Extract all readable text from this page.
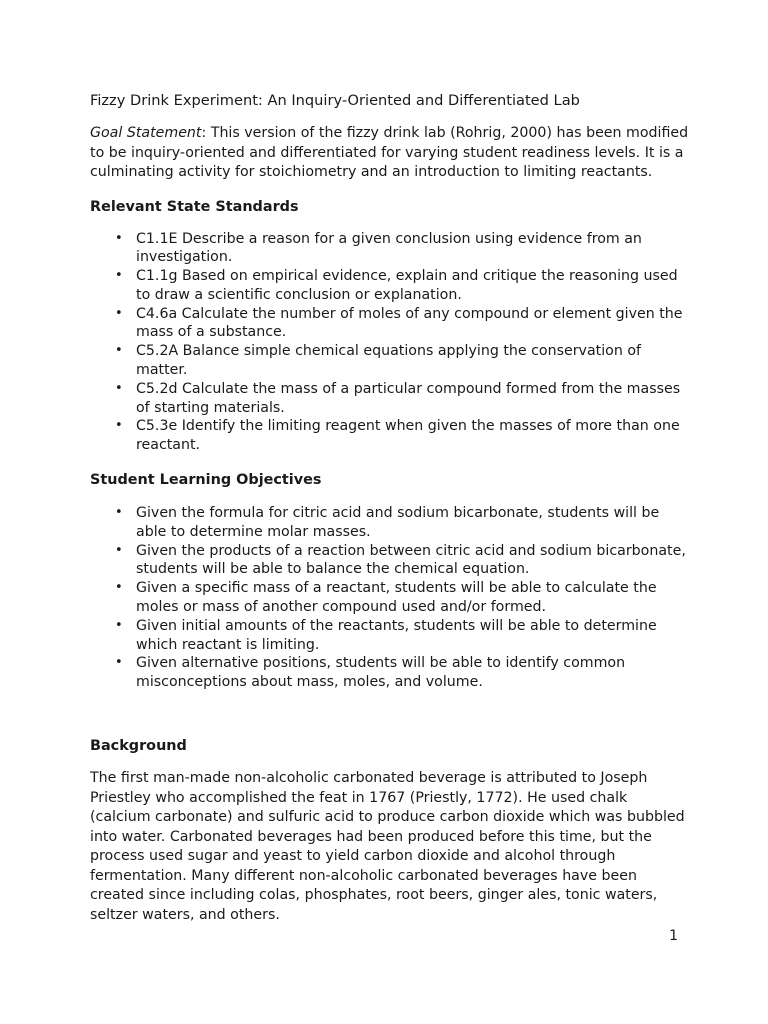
Fizzy Drink Experiment: An Inquiry-Oriented and Differentiated Lab

Goal Statement: This version of the fizzy drink lab (Rohrig, 2000) has been modified to be inquiry-oriented and differentiated for varying student readiness levels. It is a culminating activity for stoichiometry and an introduction to limiting reactants.

Relevant State Standards
• C1.1E Describe a reason for a given conclusion using evidence from an investigation.
• C1.1g Based on empirical evidence, explain and critique the reasoning used to draw a scientific conclusion or explanation.
• C4.6a Calculate the number of moles of any compound or element given the mass of a substance.
• C5.2A Balance simple chemical equations applying the conservation of matter.
• C5.2d Calculate the mass of a particular compound formed from the masses of starting materials.
• C5.3e Identify the limiting reagent when given the masses of more than one reactant.
Student Learning Objectives
• Given the formula for citric acid and sodium bicarbonate, students will be able to determine molar masses.
• Given the products of a reaction between citric acid and sodium bicarbonate, students will be able to balance the chemical equation.
• Given a specific mass of a reactant, students will be able to calculate the moles or mass of another compound used and/or formed.
• Given initial amounts of the reactants, students will be able to determine which reactant is limiting.
• Given alternative positions, students will be able to identify common misconceptions about mass, moles, and volume.
Background

The first man-made non-alcoholic carbonated beverage is attributed to Joseph Priestley who accomplished the feat in 1767 (Priestly, 1772). He used chalk (calcium carbonate) and sulfuric acid to produce carbon dioxide which was bubbled into water. Carbonated beverages had been produced before this time, but the process used sugar and yeast to yield carbon dioxide and alcohol through fermentation. Many different non-alcoholic carbonated beverages have been created since including colas, phosphates, root beers, ginger ales, tonic waters, seltzer waters, and others.

1
